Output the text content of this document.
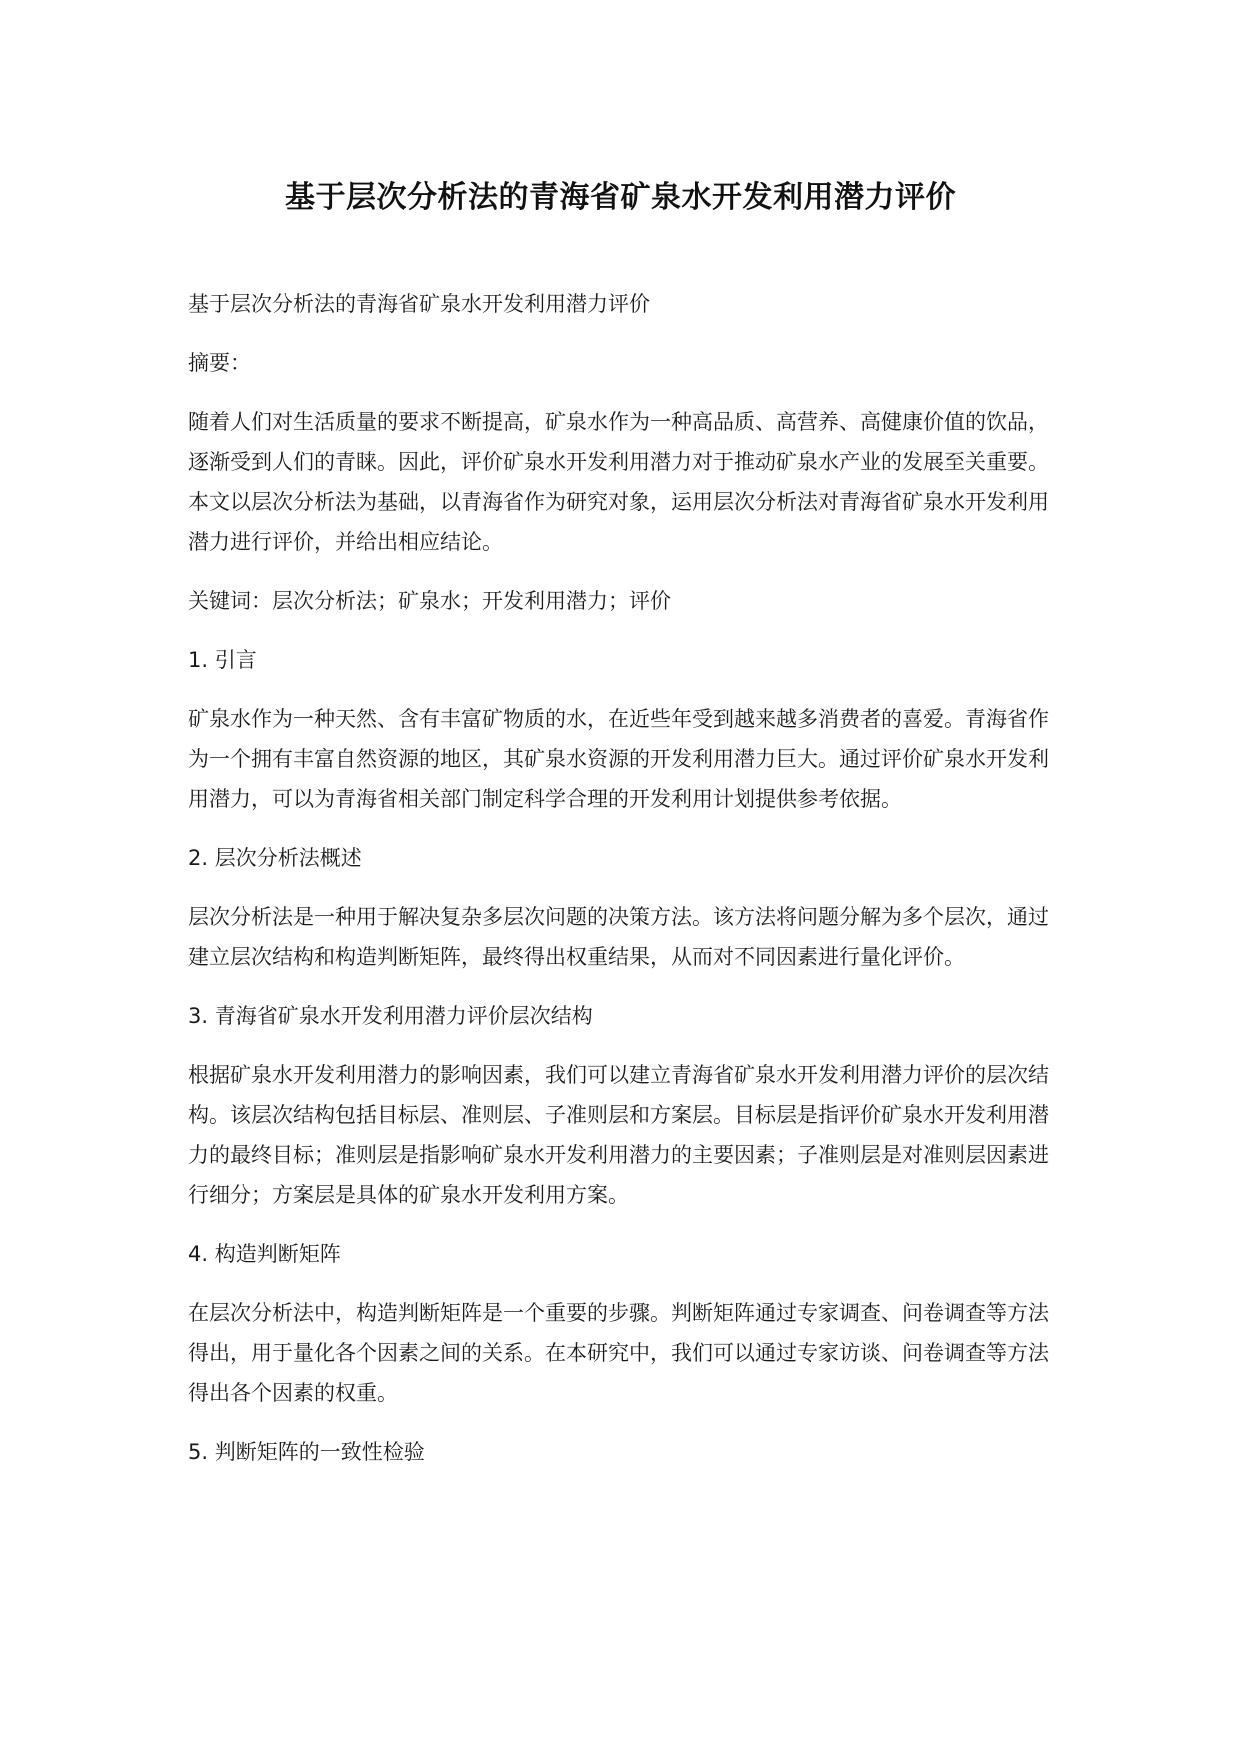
基于层次分析法的青海省矿泉水开发利用潜力评价

基于层次分析法的青海省矿泉水开发利用潜力评价

摘要：

随着人们对生活质量的要求不断提高，矿泉水作为一种高品质、高营养、高健康价值的饮品，逐渐受到人们的青睐。因此，评价矿泉水开发利用潜力对于推动矿泉水产业的发展至关重要。本文以层次分析法为基础，以青海省作为研究对象，运用层次分析法对青海省矿泉水开发利用潜力进行评价，并给出相应结论。

关键词：层次分析法；矿泉水；开发利用潜力；评价

1. 引言

矿泉水作为一种天然、含有丰富矿物质的水，在近些年受到越来越多消费者的喜爱。青海省作为一个拥有丰富自然资源的地区，其矿泉水资源的开发利用潜力巨大。通过评价矿泉水开发利用潜力，可以为青海省相关部门制定科学合理的开发利用计划提供参考依据。

2. 层次分析法概述

层次分析法是一种用于解决复杂多层次问题的决策方法。该方法将问题分解为多个层次，通过建立层次结构和构造判断矩阵，最终得出权重结果，从而对不同因素进行量化评价。

3. 青海省矿泉水开发利用潜力评价层次结构

根据矿泉水开发利用潜力的影响因素，我们可以建立青海省矿泉水开发利用潜力评价的层次结构。该层次结构包括目标层、准则层、子准则层和方案层。目标层是指评价矿泉水开发利用潜力的最终目标；准则层是指影响矿泉水开发利用潜力的主要因素；子准则层是对准则层因素进行细分；方案层是具体的矿泉水开发利用方案。

4. 构造判断矩阵

在层次分析法中，构造判断矩阵是一个重要的步骤。判断矩阵通过专家调查、问卷调查等方法得出，用于量化各个因素之间的关系。在本研究中，我们可以通过专家访谈、问卷调查等方法得出各个因素的权重。

5. 判断矩阵的一致性检验
